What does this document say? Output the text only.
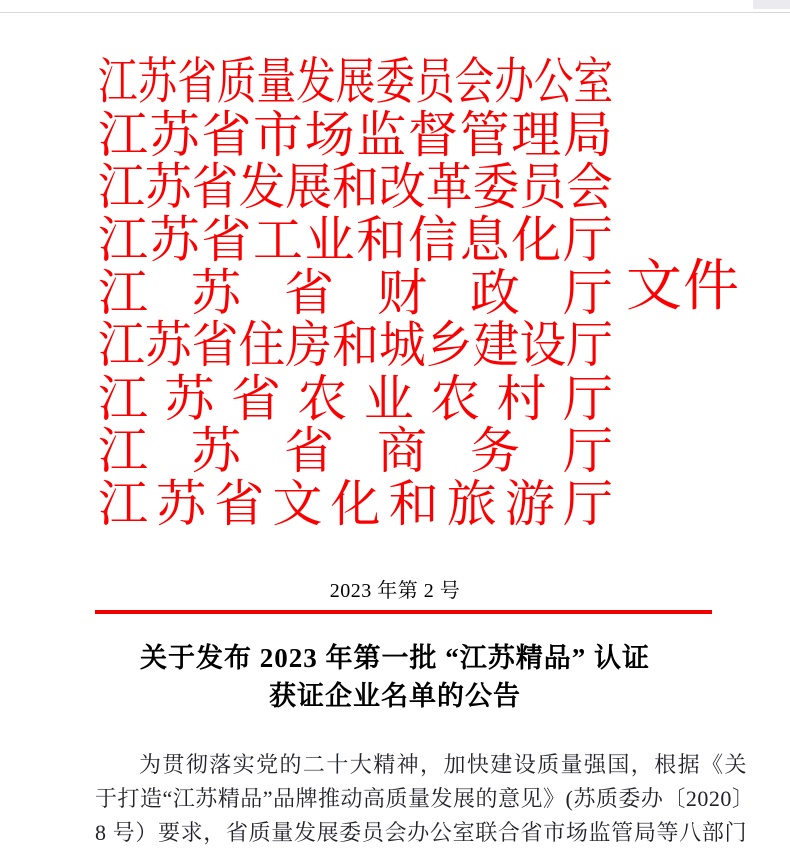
江 苏 省 质 量 发 展 委 员 会 办 公 室
江 苏 省 市 场 监 督 管 理 局
江 苏 省 发 展 和 改 革 委 员 会
江 苏 省 工 业 和 信 息 化 厅
江 苏 省 财 政 厅
江 苏 省 住 房 和 城 乡 建 设 厅
江 苏 省 农 业 农 村 厅
江 苏 省 商 务 厅
江 苏 省 文 化 和 旅 游 厅
文件
2023 年第 2 号
关于发布 2023 年第一批 “江苏精品” 认证
获证企业名单的公告
为贯彻落实党的二十大精神，加快建设质量强国，根据《关
于打造“江苏精品”品牌推动高质量发展的意见》(苏质委办〔2020〕
8 号）要求，省质量发展委员会办公室联合省市场监管局等八部门
